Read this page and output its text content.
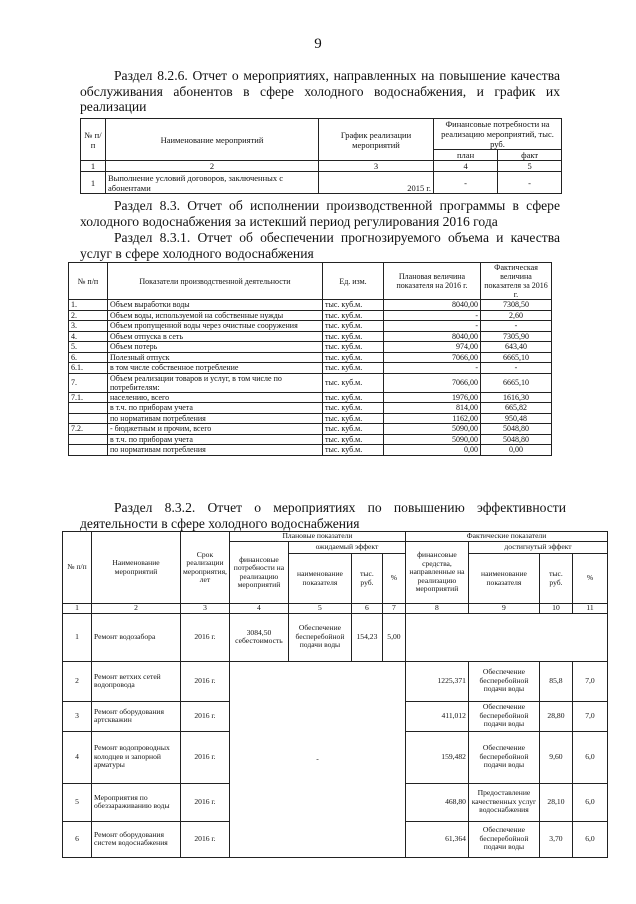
9
Раздел 8.2.6. Отчет о мероприятиях, направленных на повышение качества обслуживания абонентов в сфере холодного водоснабжения, и график их реализации
№ п/п	Наименование мероприятий	График реализации мероприятий	Финансовые потребности на реализацию мероприятий, тыс. руб.	
			план	факт
1	2	3	4	5
1	Выполнение условий договоров, заключенных с абонентами	2015 г.	-	-
Раздел 8.3. Отчет об исполнении производственной программы в сфере холодного водоснабжения за истекший период регулирования 2016 года
Раздел 8.3.1. Отчет об обеспечении прогнозируемого объема и качества услуг в сфере холодного водоснабжения
№ п/п	Показатели производственной деятельности	Ед. изм.	Плановая величина показателя на 2016 г.	Фактическая величина показателя за 2016 г.
1.	Объем выработки воды	тыс. куб.м.	8040,00	7308,50
2.	Объем воды, используемой на собственные нужды	тыс. куб.м.	-	2,60
3.	Объем пропущенной воды через очистные сооружения	тыс. куб.м.	-	-
4.	Объем отпуска в сеть	тыс. куб.м.	8040,00	7305,90
5.	Объем потерь	тыс. куб.м.	974,00	643,40
6.	Полезный отпуск	тыс. куб.м.	7066,00	6665,10
6.1.	в том числе собственное потребление	тыс. куб.м.	-	-
7.	Объем реализации товаров и услуг, в том числе по потребителям:	тыс. куб.м.	7066,00	6665,10
7.1.	населению, всего	тыс. куб.м.	1976,00	1616,30
	в т.ч. по приборам учета	тыс. куб.м.	814,00	665,82
	по нормативам потребления	тыс. куб.м.	1162,00	950,48
7.2.	- бюджетным и прочим, всего	тыс. куб.м.	5090,00	5048,80
	в т.ч. по приборам учета	тыс. куб.м.	5090,00	5048,80
	по нормативам потребления	тыс. куб.м.	0,00	0,00
Раздел 8.3.2. Отчет о мероприятиях по повышению эффективности деятельности в сфере холодного водоснабжения
№ п/п	Наименование мероприятий	Срок реализации мероприятия, лет	Плановые показатели				Фактические показатели			
			финансовые потребности на реализацию мероприятий	ожидаемый эффект			финансовые средства, направленные на реализацию мероприятий	достигнутый эффект		
				наименование показателя	тыс. руб.	%		наименование показателя	тыс. руб.	%
1	2	3	4	5	6	7	8	9	10	11
1	Ремонт водозабора	2016 г.	3084,50 себестоимость	Обеспечение бесперебойной подачи воды	154,23	5,00				
2	Ремонт ветхих сетей водопровода	2016 г.	-				1225,371	Обеспечение бесперебойной подачи воды	85,8	7,0
3	Ремонт оборудования артскважин	2016 г.					411,012	Обеспечение бесперебойной подачи воды	28,80	7,0
4	Ремонт водопроводных колодцев и запорной арматуры	2016 г.					159,482	Обеспечение бесперебойной подачи воды	9,60	6,0
5	Мероприятия по обеззараживанию воды	2016 г.					468,80	Предоставление качественных услуг водоснабжения	28,10	6,0
6	Ремонт оборудования систем водоснабжения	2016 г.					61,364	Обеспечение бесперебойной подачи воды	3,70	6,0
